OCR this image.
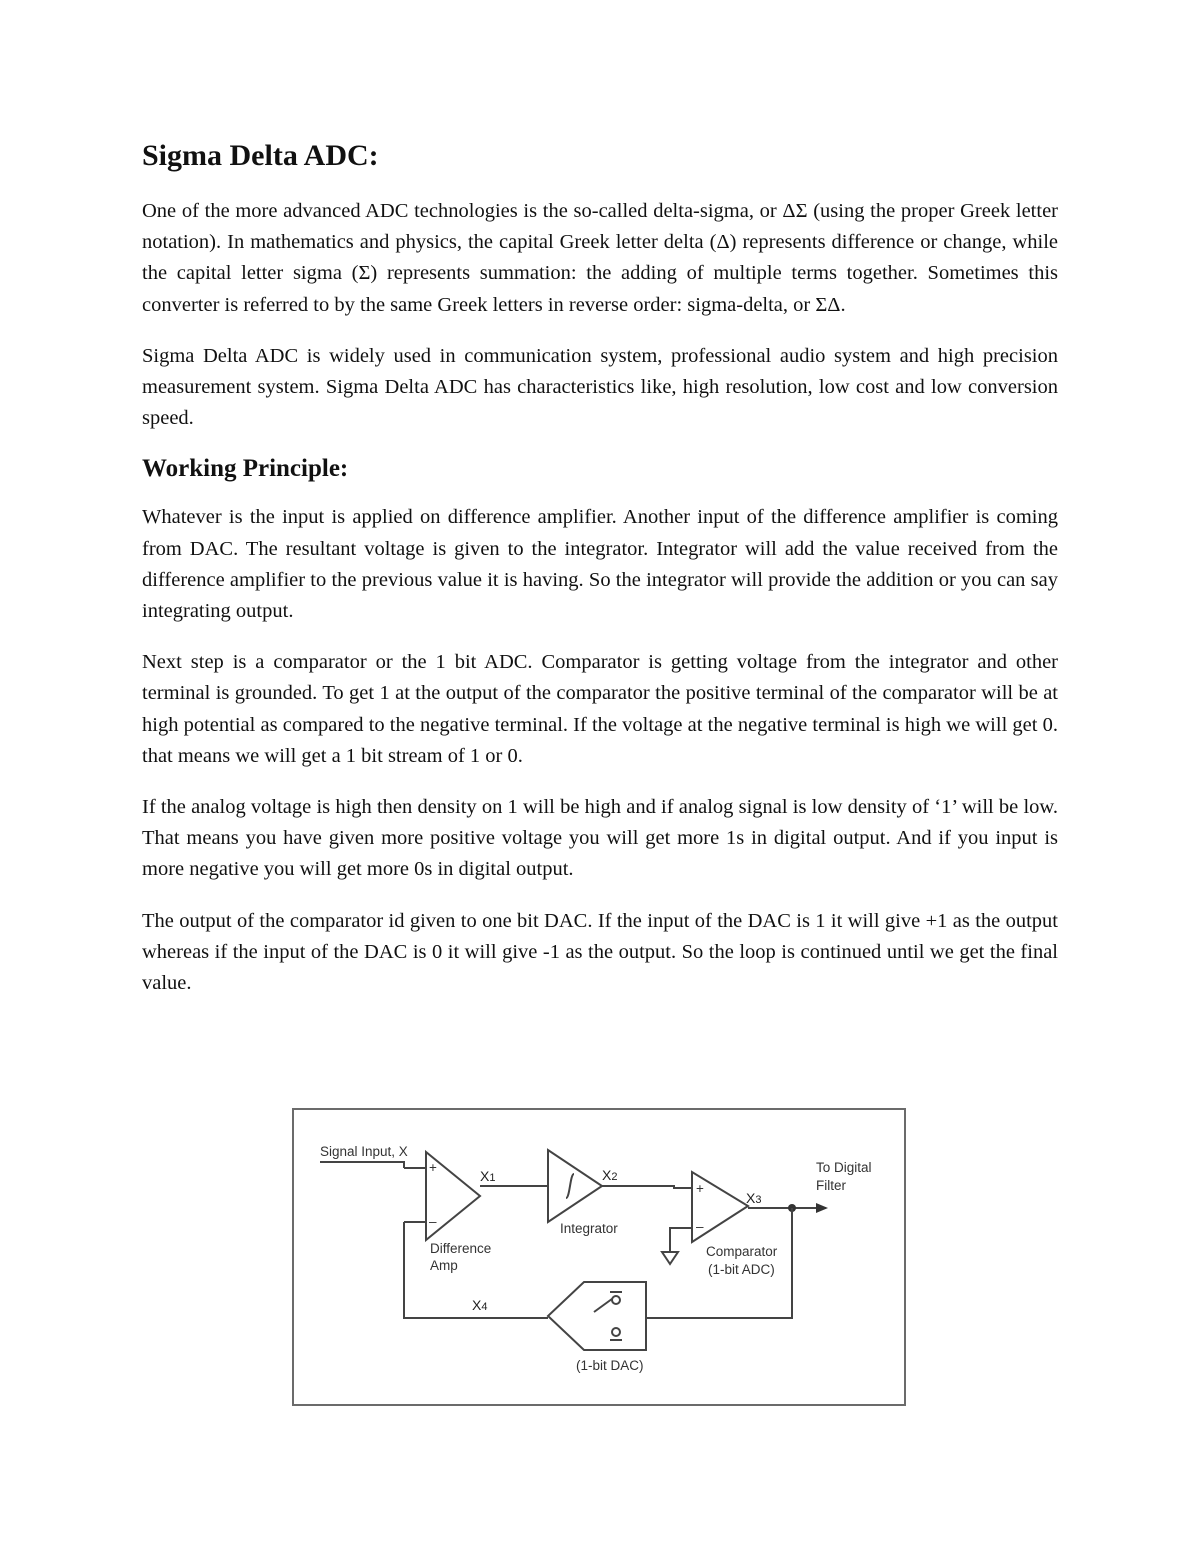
Sigma Delta ADC:

One of the more advanced ADC technologies is the so-called delta-sigma, or ΔΣ (using the proper Greek letter notation). In mathematics and physics, the capital Greek letter delta (Δ) represents difference or change, while the capital letter sigma (Σ) represents summation: the adding of multiple terms together. Sometimes this converter is referred to by the same Greek letters in reverse order: sigma-delta, or ΣΔ.

Sigma Delta ADC is widely used in communication system, professional audio system and high precision measurement system. Sigma Delta ADC has characteristics like, high resolution, low cost and low conversion speed.

Working Principle:

Whatever is the input is applied on difference amplifier. Another input of the difference amplifier is coming from DAC. The resultant voltage is given to the integrator. Integrator will add the value received from the difference amplifier to the previous value it is having. So the integrator will provide the addition or you can say integrating output.

Next step is a comparator or the 1 bit ADC. Comparator is getting voltage from the integrator and other terminal is grounded. To get 1 at the output of the comparator the positive terminal of the comparator will be at high potential as compared to the negative terminal. If the voltage at the negative terminal is high we will get 0. that means we will get a 1 bit stream of 1 or 0.

If the analog voltage is high then density on 1 will be high and if analog signal is low density of ‘1’ will be low. That means you have given more positive voltage you will get more 1s in digital output. And if you input is more negative you will get more 0s in digital output.

The output of the comparator id given to one bit DAC. If the input of the DAC is 1 it will give +1 as the output whereas if the input of the DAC is 0 it will give -1 as the output. So the loop is continued until we get the final value.

Signal Input, X
+
–
Difference
Amp
X1
Integrator
X2
+
–
Comparator
(1-bit ADC)
X3
To Digital
Filter
(1-bit DAC)
X4
